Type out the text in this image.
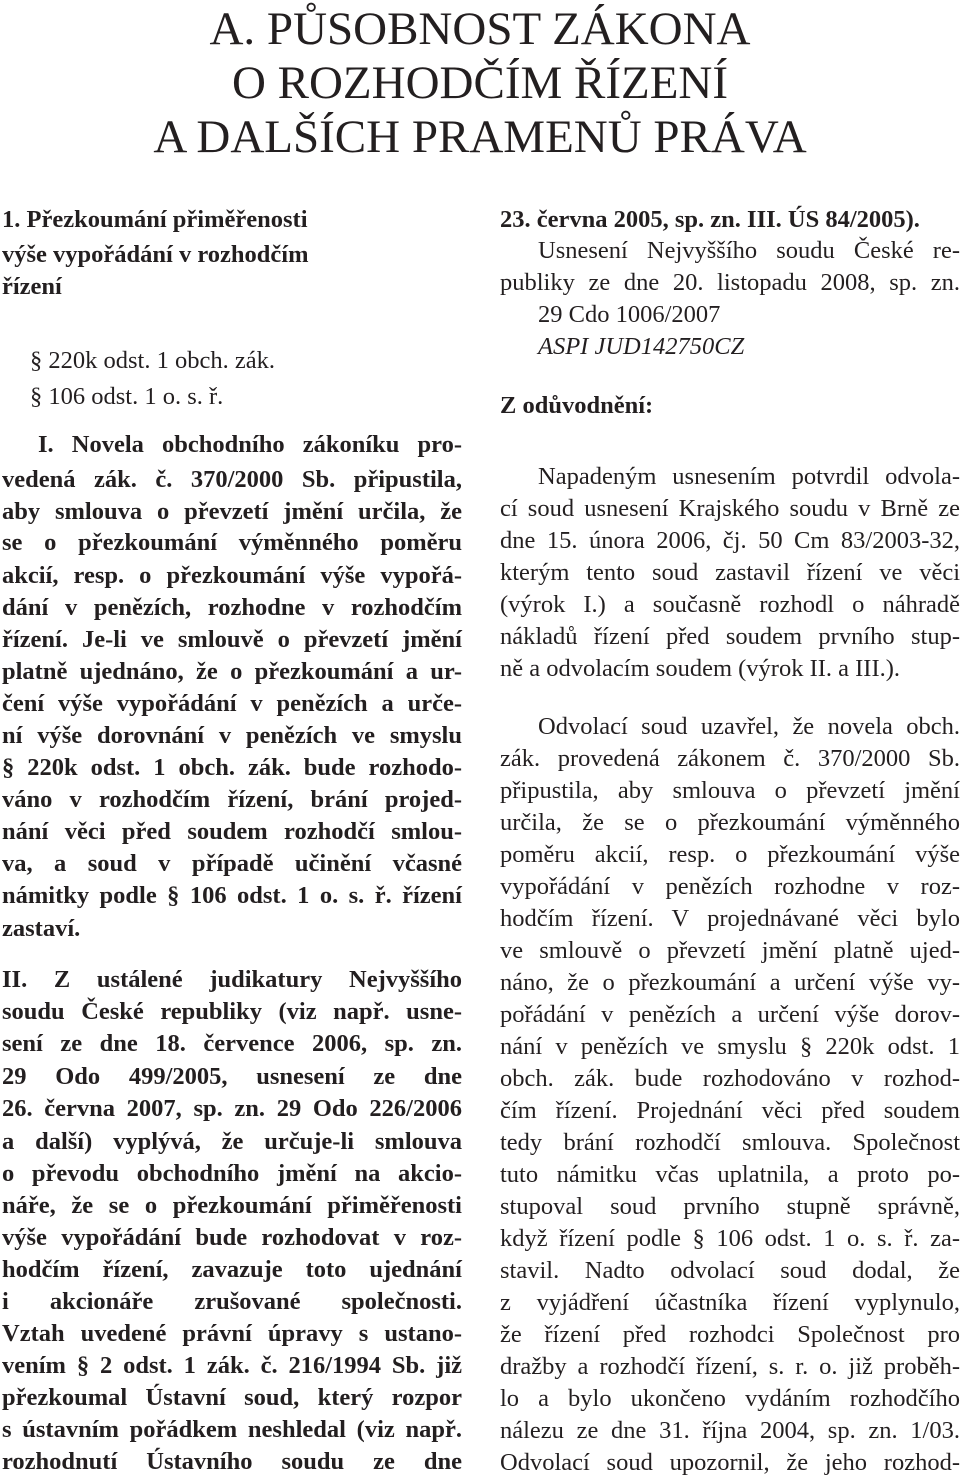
A. PŮSOBNOST ZÁKONA
O ROZHODČÍM ŘÍZENÍ
A DALŠÍCH PRAMENŮ PRÁVA
1. Přezkoumání přiměřenosti
výše vypořádání v rozhodčím
řízení
§ 220k odst. 1 obch. zák.
§ 106 odst. 1 o. s. ř.
I. Novela obchodního zákoníku pro-
vedená zák. č. 370/2000 Sb. připustila,
aby smlouva o převzetí jmění určila, že
se o přezkoumání výměnného poměru
akcií, resp. o přezkoumání výše vypořá-
dání v penězích, rozhodne v rozhodčím
řízení. Je-li ve smlouvě o převzetí jmění
platně ujednáno, že o přezkoumání a ur-
čení výše vypořádání v penězích a urče-
ní výše dorovnání v penězích ve smyslu
§ 220k odst. 1 obch. zák. bude rozhodo-
váno v rozhodčím řízení, brání projed-
nání věci před soudem rozhodčí smlou-
va, a soud v případě učinění včasné
námitky podle § 106 odst. 1 o. s. ř. řízení
zastaví.
II. Z ustálené judikatury Nejvyššího
soudu České republiky (viz např. usne-
sení ze dne 18. července 2006, sp. zn.
29 Odo 499/2005, usnesení ze dne
26. června 2007, sp. zn. 29 Odo 226/2006
a další) vyplývá, že určuje-li smlouva
o převodu obchodního jmění na akcio-
náře, že se o přezkoumání přiměřenosti
výše vypořádání bude rozhodovat v roz-
hodčím řízení, zavazuje toto ujednání
i akcionáře zrušované společnosti.
Vztah uvedené právní úpravy s ustano-
vením § 2 odst. 1 zák. č. 216/1994 Sb. již
přezkoumal Ústavní soud, který rozpor
s ústavním pořádkem neshledal (viz např.
rozhodnutí Ústavního soudu ze dne
23. června 2005, sp. zn. III. ÚS 84/2005).
Usnesení Nejvyššího soudu České re-
publiky ze dne 20. listopadu 2008, sp. zn.
29 Cdo 1006/2007
ASPI JUD142750CZ
Z odůvodnění:
Napadeným usnesením potvrdil odvola-
cí soud usnesení Krajského soudu v Brně ze
dne 15. února 2006, čj. 50 Cm 83/2003-32,
kterým tento soud zastavil řízení ve věci
(výrok I.) a současně rozhodl o náhradě
nákladů řízení před soudem prvního stup-
ně a odvolacím soudem (výrok II. a III.).
Odvolací soud uzavřel, že novela obch.
zák. provedená zákonem č. 370/2000 Sb.
připustila, aby smlouva o převzetí jmění
určila, že se o přezkoumání výměnného
poměru akcií, resp. o přezkoumání výše
vypořádání v penězích rozhodne v roz-
hodčím řízení. V projednávané věci bylo
ve smlouvě o převzetí jmění platně ujed-
náno, že o přezkoumání a určení výše vy-
pořádání v penězích a určení výše dorov-
nání v penězích ve smyslu § 220k odst. 1
obch. zák. bude rozhodováno v rozhod-
čím řízení. Projednání věci před soudem
tedy brání rozhodčí smlouva. Společnost
tuto námitku včas uplatnila, a proto po-
stupoval soud prvního stupně správně,
když řízení podle § 106 odst. 1 o. s. ř. za-
stavil. Nadto odvolací soud dodal, že
z vyjádření účastníka řízení vyplynulo,
že řízení před rozhodci Společnost pro
dražby a rozhodčí řízení, s. r. o. již proběh-
lo a bylo ukončeno vydáním rozhodčího
nálezu ze dne 31. října 2004, sp. zn. 1/03.
Odvolací soud upozornil, že jeho rozhod-
